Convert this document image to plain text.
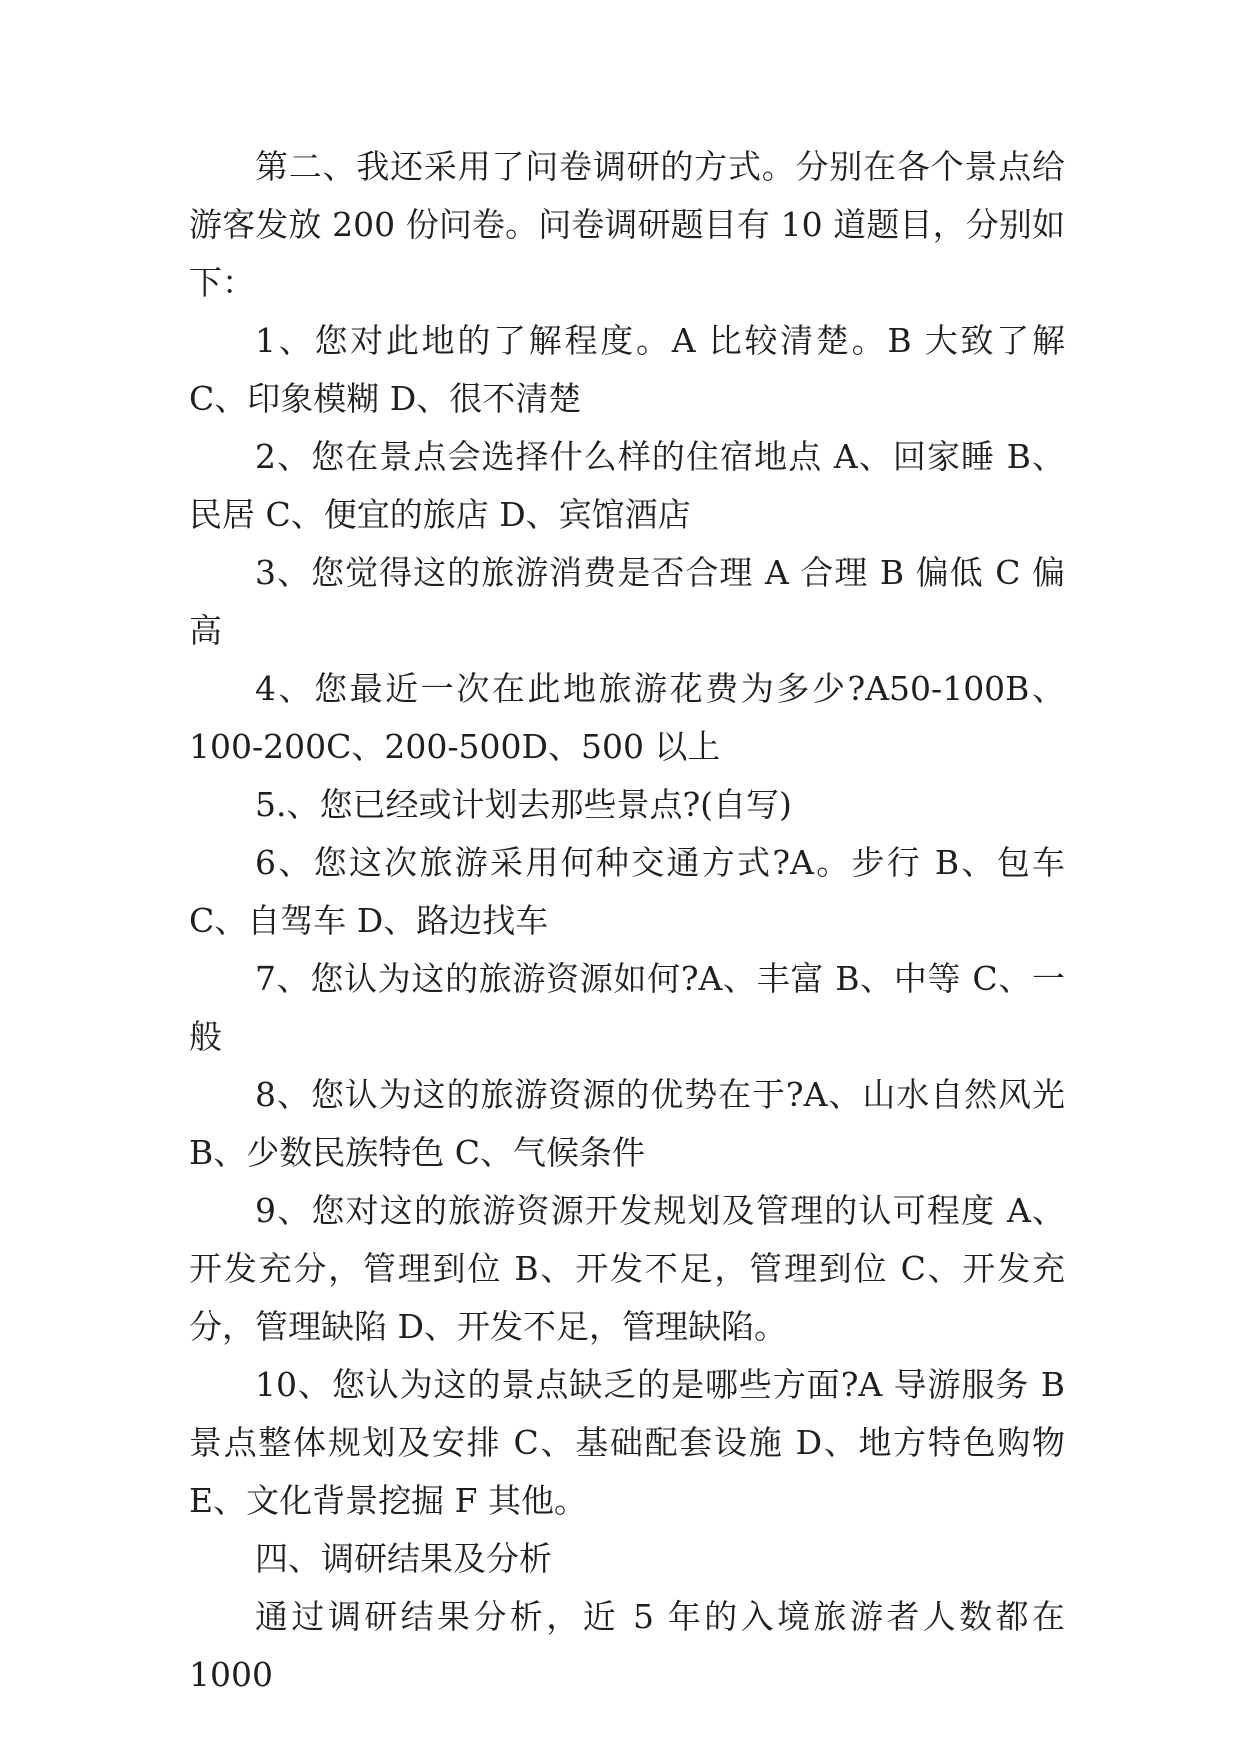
第二、我还采用了问卷调研的方式。分别在各个景点给游客发放 200 份问卷。问卷调研题目有 10 道题目，分别如下：

1、您对此地的了解程度。A 比较清楚。B 大致了解 C、印象模糊 D、很不清楚

2、您在景点会选择什么样的住宿地点 A、回家睡 B、民居 C、便宜的旅店 D、宾馆酒店

3、您觉得这的旅游消费是否合理 A 合理 B 偏低 C 偏高

4、您最近一次在此地旅游花费为多少?A50-100B、100-200C、200-500D、500 以上

5.、您已经或计划去那些景点?(自写)

6、您这次旅游采用何种交通方式?A。步行 B、包车 C、自驾车 D、路边找车

7、您认为这的旅游资源如何?A、丰富 B、中等 C、一般

8、您认为这的旅游资源的优势在于?A、山水自然风光 B、少数民族特色 C、气候条件

9、您对这的旅游资源开发规划及管理的认可程度 A、开发充分，管理到位 B、开发不足，管理到位 C、开发充分，管理缺陷 D、开发不足，管理缺陷。

10、您认为这的景点缺乏的是哪些方面?A 导游服务 B 景点整体规划及安排 C、基础配套设施 D、地方特色购物 E、文化背景挖掘 F 其他。

四、调研结果及分析

通过调研结果分析，近 5 年的入境旅游者人数都在 1000
